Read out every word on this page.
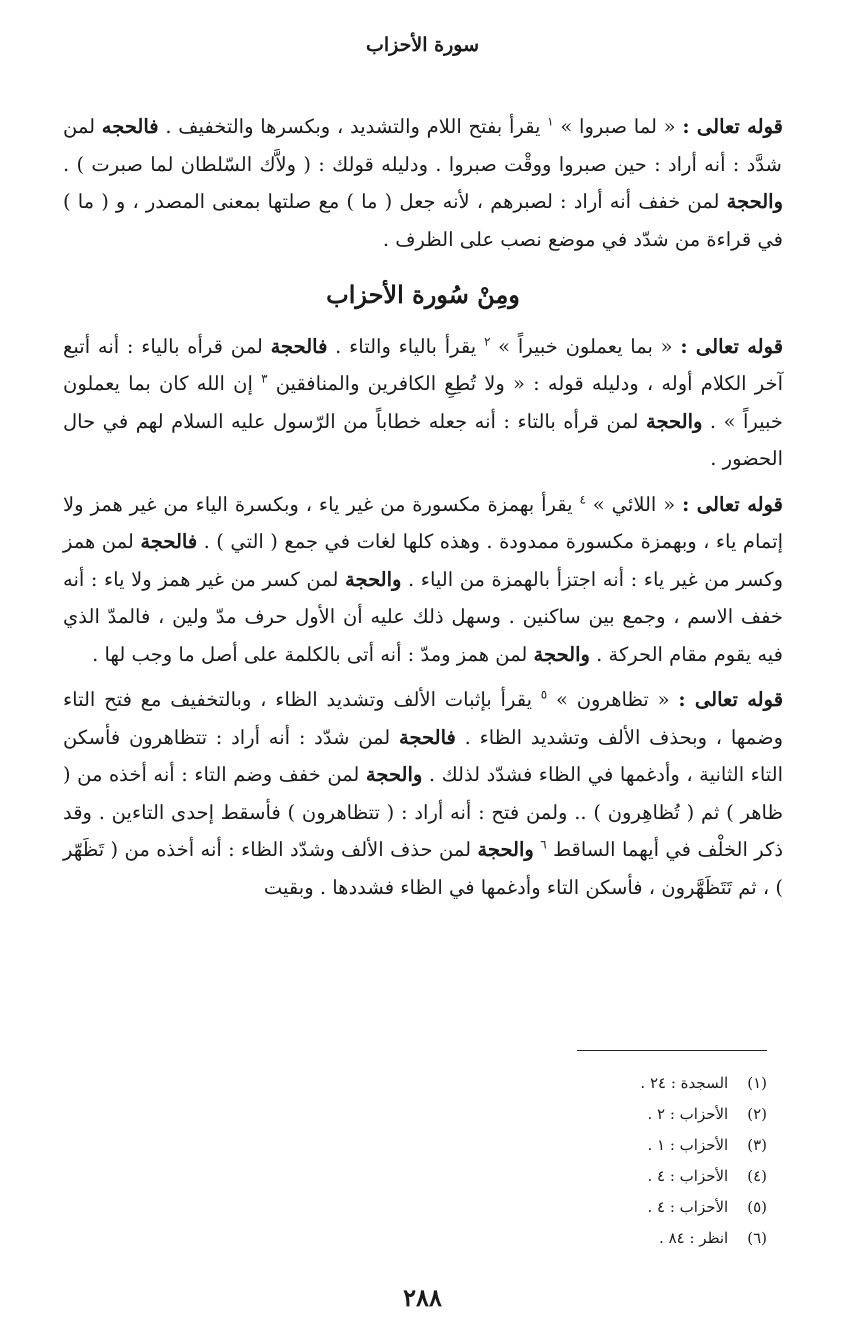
سورة الأحزاب

قوله تعالى : « لما صبروا » $^١$ يقرأ بفتح اللام والتشديد ، وبكسرها والتخفيف . فالحجه لمن شدَّد : أنه أراد : حين صبروا ووقْت صبروا . ودليله قولك : ( ولاَّك السّلطان لما صبرت ) . والحجة لمن خفف أنه أراد : لصبرهم ، لأنه جعل ( ما ) مع صلتها بمعنى المصدر ، و ( ما ) في قراءة من شدّد في موضع نصب على الظرف .

ومِنْ سُورة الأحزاب

قوله تعالى : « بما يعملون خبيراً » $^٢$ يقرأ بالياء والتاء . فالحجة لمن قرأه بالياء : أنه أتبع آخر الكلام أوله ، ودليله قوله : « ولا تُطِعِ الكافرين والمنافقين $^٣$ إن الله كان بما يعملون خبيراً » . والحجة لمن قرأه بالتاء : أنه جعله خطاباً من الرّسول عليه السلام لهم في حال الحضور .

قوله تعالى : « اللائي » $^٤$ يقرأ بهمزة مكسورة من غير ياء ، وبكسرة الياء من غير همز ولا إتمام ياء ، وبهمزة مكسورة ممدودة . وهذه كلها لغات في جمع ( التي ) . فالحجة لمن همز وكسر من غير ياء : أنه اجتزأ بالهمزة من الياء . والحجة لمن كسر من غير همز ولا ياء : أنه خفف الاسم ، وجمع بين ساكنين . وسهل ذلك عليه أن الأول حرف مدّ ولين ، فالمدّ الذي فيه يقوم مقام الحركة . والحجة لمن همز ومدّ : أنه أتى بالكلمة على أصل ما وجب لها .

قوله تعالى : « تظاهرون » $^٥$ يقرأ بإثبات الألف وتشديد الظاء ، وبالتخفيف مع فتح التاء وضمها ، وبحذف الألف وتشديد الظاء . فالحجة لمن شدّد : أنه أراد : تتظاهرون فأسكن التاء الثانية ، وأدغمها في الظاء فشدّد لذلك . والحجة لمن خفف وضم التاء : أنه أخذه من ( ظاهر ) ثم ( تُظاهِرون ) .. ولمن فتح : أنه أراد : ( تتظاهرون ) فأسقط إحدى التاءين . وقد ذكر الخلْف في أيهما الساقط $^٦$ والحجة لمن حذف الألف وشدّد الظاء : أنه أخذه من ( تَظَهّر ) ، ثم تَتَظَهَّرون ، فأسكن التاء وأدغمها في الظاء فشددها . وبقيت

(١) السجدة : ٢٤ .
(٢) الأحزاب : ٢ .
(٣) الأحزاب : ١ .
(٤) الأحزاب : ٤ .
(٥) الأحزاب : ٤ .
(٦) انظر : ٨٤ .
٢٨٨
